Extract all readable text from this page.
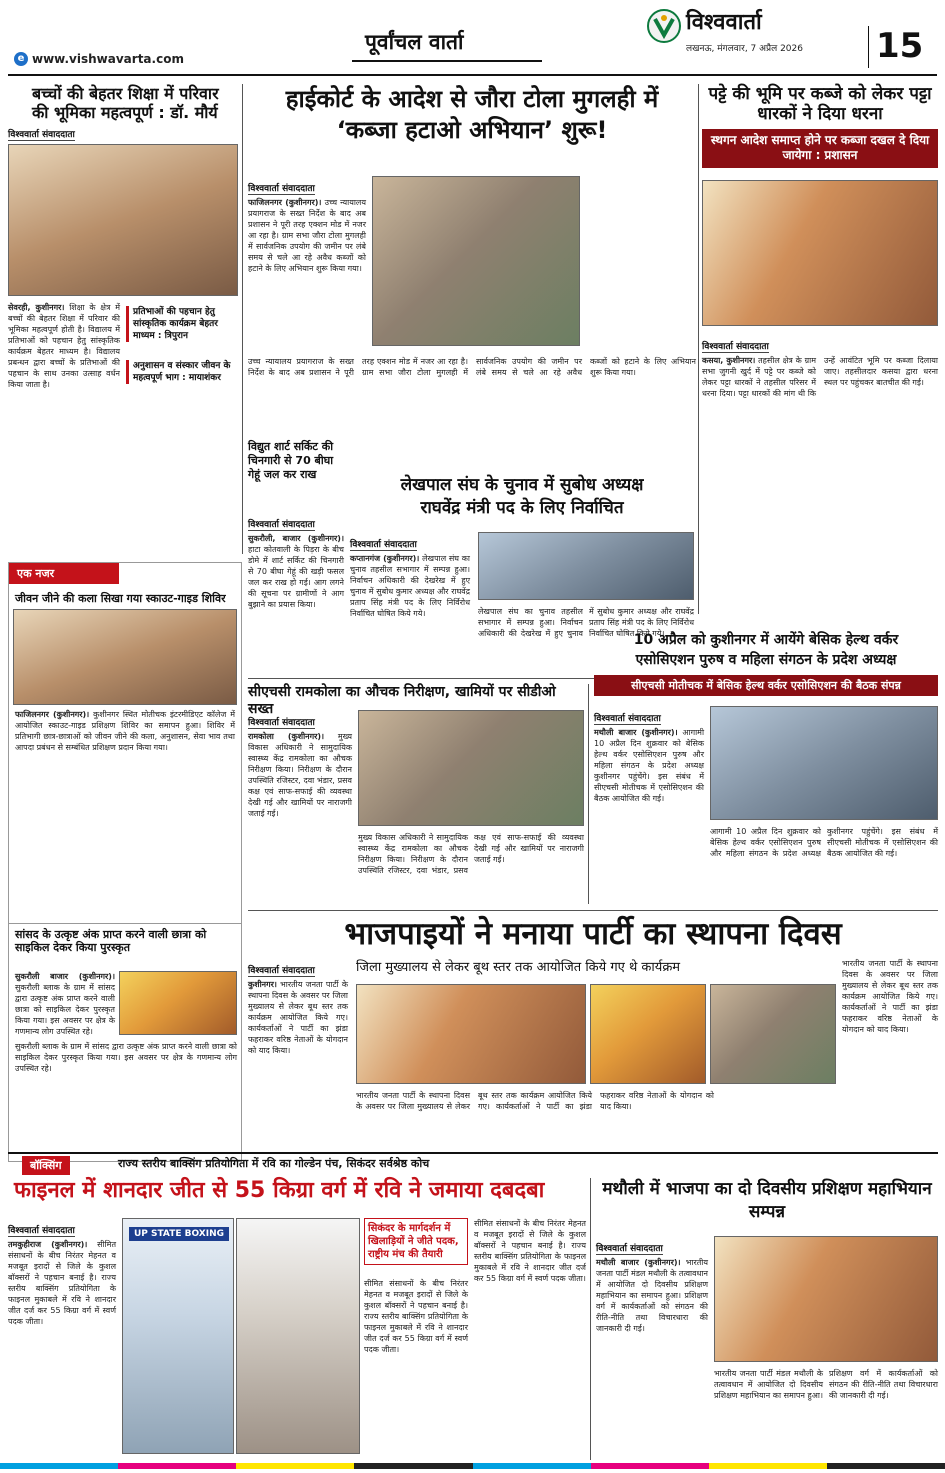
पूर्वांचल वार्ता
e www.vishwavarta.com
विश्ववार्ता
लखनऊ, मंगलवार, 7 अप्रैल 2026 15
बच्चों की बेहतर शिक्षा में परिवार की भूमिका महत्वपूर्ण : डॉ. मौर्य
विश्ववार्ता संवाददाता
सेवरही, कुशीनगर। शिक्षा के क्षेत्र में बच्चों की बेहतर शिक्षा में परिवार की भूमिका महत्वपूर्ण होती है। विद्यालय में प्रतिभाओं को पहचान हेतु सांस्कृतिक कार्यक्रम बेहतर माध्यम है। विद्यालय प्रबन्धन द्वारा बच्चों के प्रतिभाओं की पहचान के साथ उनका उत्साह वर्धन किया जाता है।
प्रतिभाओं की पहचान हेतु सांस्कृतिक कार्यक्रम बेहतर माध्यम : त्रिपुरान
अनुशासन व संस्कार जीवन के महत्वपूर्ण भाग : मायाशंकर
हाईकोर्ट के आदेश से जौरा टोला मुगलही में
‘कब्जा हटाओ अभियान’ शुरू!
विश्ववार्ता संवाददाता
फाजिलनगर (कुशीनगर)। उच्च न्यायालय प्रयागराज के सख्त निर्देश के बाद अब प्रशासन ने पूरी तरह एक्शन मोड में नजर आ रहा है। ग्राम सभा जौरा टोला मुगलही में सार्वजनिक उपयोग की जमीन पर लंबे समय से चले आ रहे अवैध कब्जों को हटाने के लिए अभियान शुरू किया गया।
उच्च न्यायालय प्रयागराज के सख्त निर्देश के बाद अब प्रशासन ने पूरी तरह एक्शन मोड में नजर आ रहा है। ग्राम सभा जौरा टोला मुगलही में सार्वजनिक उपयोग की जमीन पर लंबे समय से चले आ रहे अवैध कब्जों को हटाने के लिए अभियान शुरू किया गया।
पट्टे की भूमि पर कब्जे को लेकर पट्टा धारकों ने दिया धरना
स्थगन आदेश समाप्त होने पर कब्जा दखल दे दिया जायेगा : प्रशासन
विश्ववार्ता संवाददाता
कसया, कुशीनगर। तहसील क्षेत्र के ग्राम सभा जुगनी खुर्द में पट्टे पर कब्जे को लेकर पट्टा धारकों ने तहसील परिसर में धरना दिया। पट्टा धारकों की मांग थी कि उन्हें आवंटित भूमि पर कब्जा दिलाया जाए। तहसीलदार कसया द्वारा धरना स्थल पर पहुंचकर बातचीत की गई।
विद्युत शार्ट सर्किट की चिनगारी से 70 बीघा गेहूं जल कर राख
विश्ववार्ता संवाददाता
सुकरौली, बाजार (कुशीनगर)। हाटा कोतवाली के पिड़रा के बीच डोमे में शार्ट सर्किट की चिनगारी से 70 बीघा गेहूं की खड़ी फसल जल कर राख हो गई। आग लगने की सूचना पर ग्रामीणों ने आग बुझाने का प्रयास किया।
लेखपाल संघ के चुनाव में सुबोध अध्यक्ष
राघवेंद्र मंत्री पद के लिए निर्वाचित
विश्ववार्ता संवाददाता
कप्तानगंज (कुशीनगर)। लेखपाल संघ का चुनाव तहसील सभागार में सम्पन्न हुआ। निर्वाचन अधिकारी की देखरेख में हुए चुनाव में सुबोध कुमार अध्यक्ष और राघवेंद्र प्रताप सिंह मंत्री पद के लिए निर्विरोध निर्वाचित घोषित किये गये।	लेखपाल संघ का चुनाव तहसील सभागार में सम्पन्न हुआ। निर्वाचन अधिकारी की देखरेख में हुए चुनाव में सुबोध कुमार अध्यक्ष और राघवेंद्र प्रताप सिंह मंत्री पद के लिए निर्विरोध निर्वाचित घोषित किये गये।
एक नजर
जीवन जीने की कला सिखा गया स्काउट-गाइड शिविर
फाजिलनगर (कुशीनगर)। कुशीनगर स्थित मोतीचक इंटरमीडिएट कॉलेज में आयोजित स्काउट-गाइड प्रशिक्षण शिविर का समापन हुआ। शिविर में प्रतिभागी छात्र-छात्राओं को जीवन जीने की कला, अनुशासन, सेवा भाव तथा आपदा प्रबंधन से सम्बंधित प्रशिक्षण प्रदान किया गया।
सांसद के उत्कृष्ट अंक प्राप्त करने वाली छात्रा को साइकिल देकर किया पुरस्कृत
सुकरौली बाजार (कुशीनगर)। सुकरौली ब्लाक के ग्राम में सांसद द्वारा उत्कृष्ट अंक प्राप्त करने वाली छात्रा को साइकिल देकर पुरस्कृत किया गया। इस अवसर पर क्षेत्र के गणमान्य लोग उपस्थित रहे।
सुकरौली ब्लाक के ग्राम में सांसद द्वारा उत्कृष्ट अंक प्राप्त करने वाली छात्रा को साइकिल देकर पुरस्कृत किया गया। इस अवसर पर क्षेत्र के गणमान्य लोग उपस्थित रहे।
सीएचसी रामकोला का औचक निरीक्षण, खामियों पर सीडीओ सख्त
विश्ववार्ता संवाददाता
रामकोला (कुशीनगर)। मुख्य विकास अधिकारी ने सामुदायिक स्वास्थ्य केंद्र रामकोला का औचक निरीक्षण किया। निरीक्षण के दौरान उपस्थिति रजिस्टर, दवा भंडार, प्रसव कक्ष एवं साफ-सफाई की व्यवस्था देखी गई और खामियों पर नाराजगी जताई गई।
मुख्य विकास अधिकारी ने सामुदायिक स्वास्थ्य केंद्र रामकोला का औचक निरीक्षण किया। निरीक्षण के दौरान उपस्थिति रजिस्टर, दवा भंडार, प्रसव कक्ष एवं साफ-सफाई की व्यवस्था देखी गई और खामियों पर नाराजगी जताई गई।
10 अप्रैल को कुशीनगर में आयेंगे बेसिक हेल्थ वर्कर
एसोसिएशन पुरुष व महिला संगठन के प्रदेश अध्यक्ष
सीएचसी मोतीचक में बेसिक हेल्थ वर्कर एसोसिएशन की बैठक संपन्न
विश्ववार्ता संवाददाता
मथौली बाजार (कुशीनगर)। आगामी 10 अप्रैल दिन शुक्रवार को बेसिक हेल्थ वर्कर एसोसिएशन पुरुष और महिला संगठन के प्रदेश अध्यक्ष कुशीनगर पहुंचेंगे। इस संबंध में सीएचसी मोतीचक में एसोसिएशन की बैठक आयोजित की गई।
आगामी 10 अप्रैल दिन शुक्रवार को बेसिक हेल्थ वर्कर एसोसिएशन पुरुष और महिला संगठन के प्रदेश अध्यक्ष कुशीनगर पहुंचेंगे। इस संबंध में सीएचसी मोतीचक में एसोसिएशन की बैठक आयोजित की गई।
भाजपाइयों ने मनाया पार्टी का स्थापना दिवस
विश्ववार्ता संवाददाता
कुशीनगर। भारतीय जनता पार्टी के स्थापना दिवस के अवसर पर जिला मुख्यालय से लेकर बूथ स्तर तक कार्यक्रम आयोजित किये गए। कार्यकर्ताओं ने पार्टी का झंडा फहराकर वरिष्ठ नेताओं के योगदान को याद किया।
जिला मुख्यालय से लेकर बूथ स्तर तक आयोजित किये गए थे कार्यक्रम
भारतीय जनता पार्टी के स्थापना दिवस के अवसर पर जिला मुख्यालय से लेकर बूथ स्तर तक कार्यक्रम आयोजित किये गए। कार्यकर्ताओं ने पार्टी का झंडा फहराकर वरिष्ठ नेताओं के योगदान को याद किया।
भारतीय जनता पार्टी के स्थापना दिवस के अवसर पर जिला मुख्यालय से लेकर बूथ स्तर तक कार्यक्रम आयोजित किये गए। कार्यकर्ताओं ने पार्टी का झंडा फहराकर वरिष्ठ नेताओं के योगदान को याद किया।
बॉक्सिंग	राज्य स्तरीय बाक्सिंग प्रतियोगिता में रवि का गोल्डेन पंच, सिकंदर सर्वश्रेष्ठ कोच
फाइनल में शानदार जीत से 55 किग्रा वर्ग में रवि ने जमाया दबदबा
विश्ववार्ता संवाददाता
तमकुहीराज (कुशीनगर)। सीमित संसाधनों के बीच निरंतर मेहनत व मजबूत इरादों से जिले के कुशल बॉक्सरों ने पहचान बनाई है। राज्य स्तरीय बाक्सिंग प्रतियोगिता के फाइनल मुकाबले में रवि ने शानदार जीत दर्ज कर 55 किग्रा वर्ग में स्वर्ण पदक जीता।
UP STATE BOXING	सिकंदर के मार्गदर्शन में खिलाड़ियों ने जीते पदक, राष्ट्रीय मंच की तैयारी
सीमित संसाधनों के बीच निरंतर मेहनत व मजबूत इरादों से जिले के कुशल बॉक्सरों ने पहचान बनाई है। राज्य स्तरीय बाक्सिंग प्रतियोगिता के फाइनल मुकाबले में रवि ने शानदार जीत दर्ज कर 55 किग्रा वर्ग में स्वर्ण पदक जीता।
सीमित संसाधनों के बीच निरंतर मेहनत व मजबूत इरादों से जिले के कुशल बॉक्सरों ने पहचान बनाई है। राज्य स्तरीय बाक्सिंग प्रतियोगिता के फाइनल मुकाबले में रवि ने शानदार जीत दर्ज कर 55 किग्रा वर्ग में स्वर्ण पदक जीता।
मथौली में भाजपा का दो दिवसीय प्रशिक्षण महाभियान सम्पन्न
विश्ववार्ता संवाददाता
मथौली बाजार (कुशीनगर)। भारतीय जनता पार्टी मंडल मथौली के तत्वावधान में आयोजित दो दिवसीय प्रशिक्षण महाभियान का समापन हुआ। प्रशिक्षण वर्ग में कार्यकर्ताओं को संगठन की रीति-नीति तथा विचारधारा की जानकारी दी गई।
भारतीय जनता पार्टी मंडल मथौली के तत्वावधान में आयोजित दो दिवसीय प्रशिक्षण महाभियान का समापन हुआ। प्रशिक्षण वर्ग में कार्यकर्ताओं को संगठन की रीति-नीति तथा विचारधारा की जानकारी दी गई।
